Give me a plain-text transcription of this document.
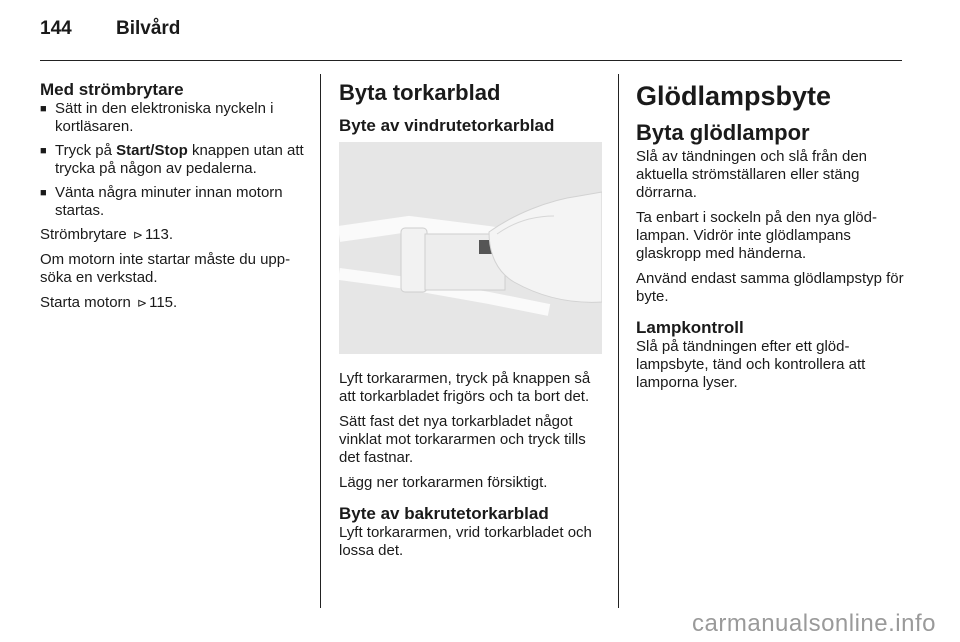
144 Bilvård
Med strömbrytare
■ Sätt in den elektroniska nyckeln i kortläsaren.
■ Tryck på Start/Stop knappen utan att trycka på någon av pedalerna.
■ Vänta några minuter innan motorn startas.

Strömbrytare ⊳ 113.

Om motorn inte startar måste du upp-söka en verkstad.

Starta motorn ⊳ 115.

Byta torkarblad
Byte av vindrutetorkarblad

Lyft torkararmen, tryck på knappen så att torkarbladet frigörs och ta bort det.

Sätt fast det nya torkarbladet något vinklat mot torkararmen och tryck tills det fastnar.

Lägg ner torkararmen försiktigt.

Byte av bakrutetorkarblad

Lyft torkararmen, vrid torkarbladet och lossa det.

Glödlampsbyte
Byta glödlampor

Slå av tändningen och slå från den aktuella strömställaren eller stäng dörrarna.

Ta enbart i sockeln på den nya glöd-lampan. Vidrör inte glödlampans glaskropp med händerna.

Använd endast samma glödlampstyp för byte.

Lampkontroll

Slå på tändningen efter ett glöd-lampsbyte, tänd och kontrollera att lamporna lyser.

carmanualsonline.info
